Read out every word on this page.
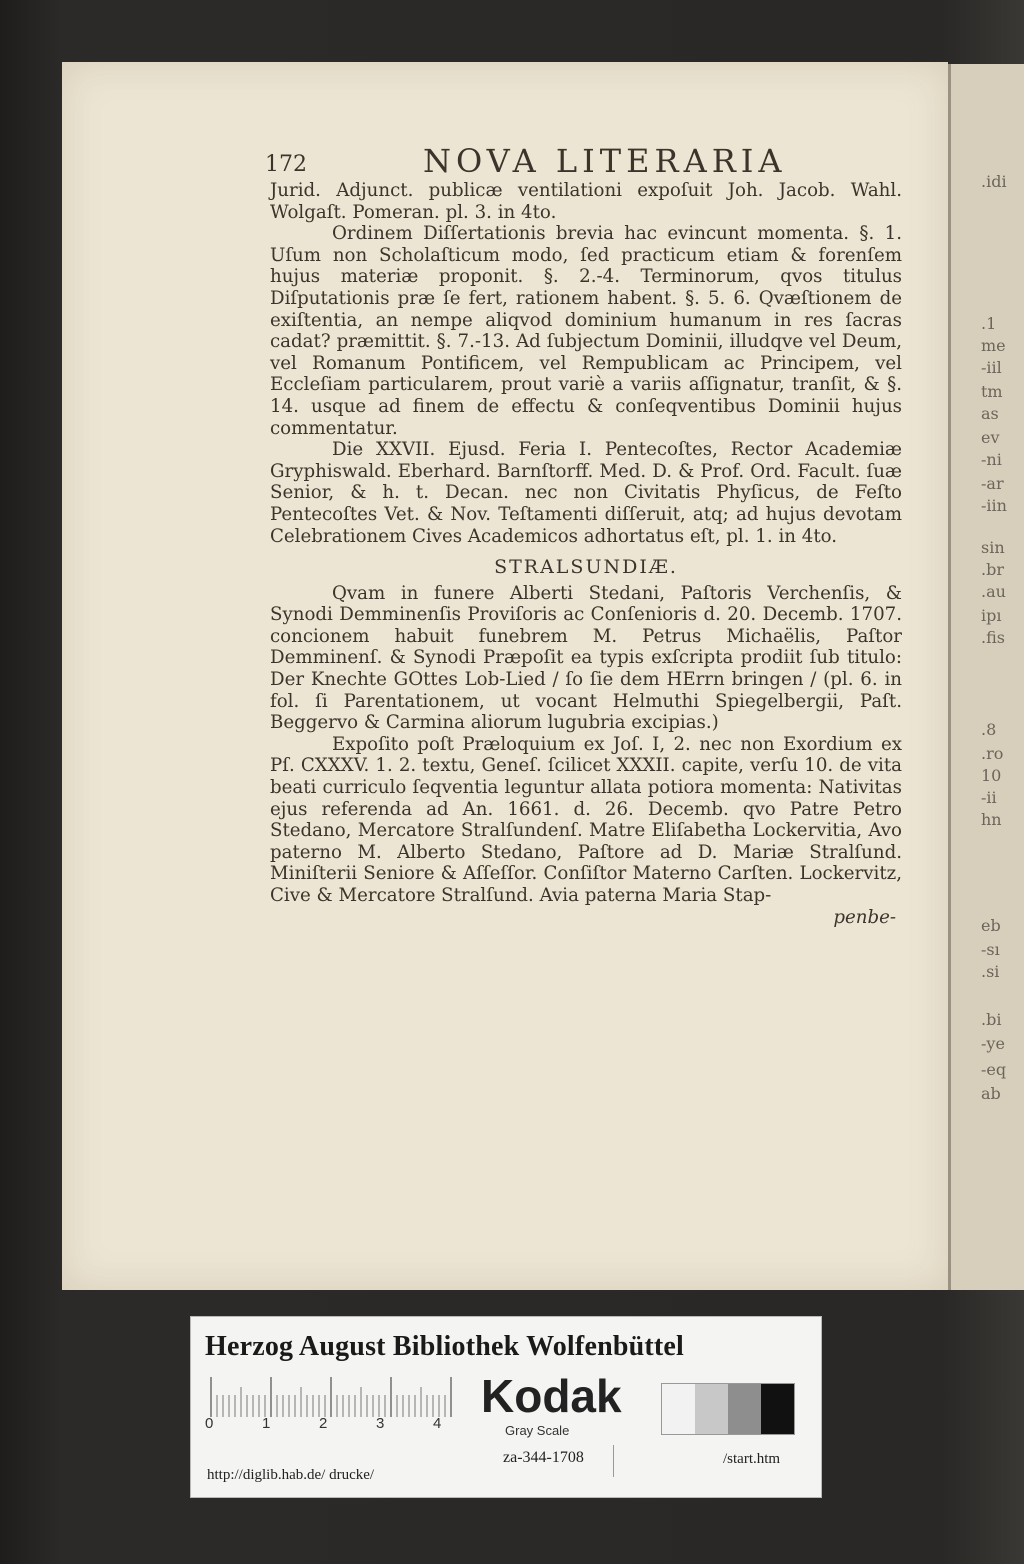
.idi
.1
me
-iil
tm
as
ev
-ni
-ar
-iin
sin
.br
.au
ipı
.fis
.8
.ro
10
-ii
hn
eb
-sı
.si
.bi
-ye
-eq
ab
172	NOVA LITERARIA

Jurid. Adjunct. publicæ ventilationi expoſuit Joh. Jacob. Wahl. Wolgaſt. Pomeran. pl. 3. in 4to.

Ordinem Diſſertationis brevia hac evincunt momenta. §. 1. Uſum non Scholaſticum modo, ſed practicum etiam & forenſem hujus materiæ proponit. §. 2.-4. Terminorum, qvos titulus Diſputationis præ ſe fert, rationem habent. §. 5. 6. Qvæſtionem de exiſtentia, an nempe aliqvod dominium humanum in res ſacras cadat? præmittit. §. 7.-13. Ad ſubjectum Dominii, illudqve vel Deum, vel Romanum Pontificem, vel Rempublicam ac Principem, vel Eccleſiam particularem, prout variè a variis aſſignatur, tranſit, & §. 14. usque ad finem de effectu & conſeqventibus Dominii hujus commentatur.

Die XXVII. Ejusd. Feria I. Pentecoſtes, Rector Academiæ Gryphiswald. Eberhard. Barnſtorff. Med. D. & Prof. Ord. Facult. ſuæ Senior, & h. t. Decan. nec non Civitatis Phyſicus, de Feſto Pentecoſtes Vet. & Nov. Teſtamenti diſſeruit, atq; ad hujus devotam Celebrationem Cives Academicos adhortatus eſt, pl. 1. in 4to.

STRALSUNDIÆ.

Qvam in funere Alberti Stedani, Paſtoris Verchenſis, & Synodi Demminenſis Proviſoris ac Conſenioris d. 20. Decemb. 1707. concionem habuit funebrem M. Petrus Michaëlis, Paſtor Demminenſ. & Synodi Præpoſit ea typis exſcripta prodiit ſub titulo: Der Knechte GOttes Lob-Lied / ſo ſie dem HErrn bringen / (pl. 6. in fol. ſi Parentationem, ut vocant Helmuthi Spiegelbergii, Paſt. Beggervo & Carmina aliorum lugubria excipias.)

Expoſito poſt Præloquium ex Joſ. I, 2. nec non Exordium ex Pſ. CXXXV. 1. 2. textu, Geneſ. ſcilicet XXXII. capite, verſu 10. de vita beati curriculo ſeqventia leguntur allata potiora momenta: Nativitas ejus referenda ad An. 1661. d. 26. Decemb. qvo Patre Petro Stedano, Mercatore Stralſundenſ. Matre Eliſabetha Lockervitia, Avo paterno M. Alberto Stedano, Paſtore ad D. Mariæ Stralſund. Miniſterii Seniore & Aſſeſſor. Conſiſtor Materno Carſten. Lockervitz, Cive & Mercatore Stralſund. Avia paterna Maria Stap-

penbe-

Herzog August Bibliothek Wolfenbüttel
0	1	2	3	4
Kodak
Gray Scale
http://diglib.hab.de/ drucke/
za-344-1708	/start.htm
